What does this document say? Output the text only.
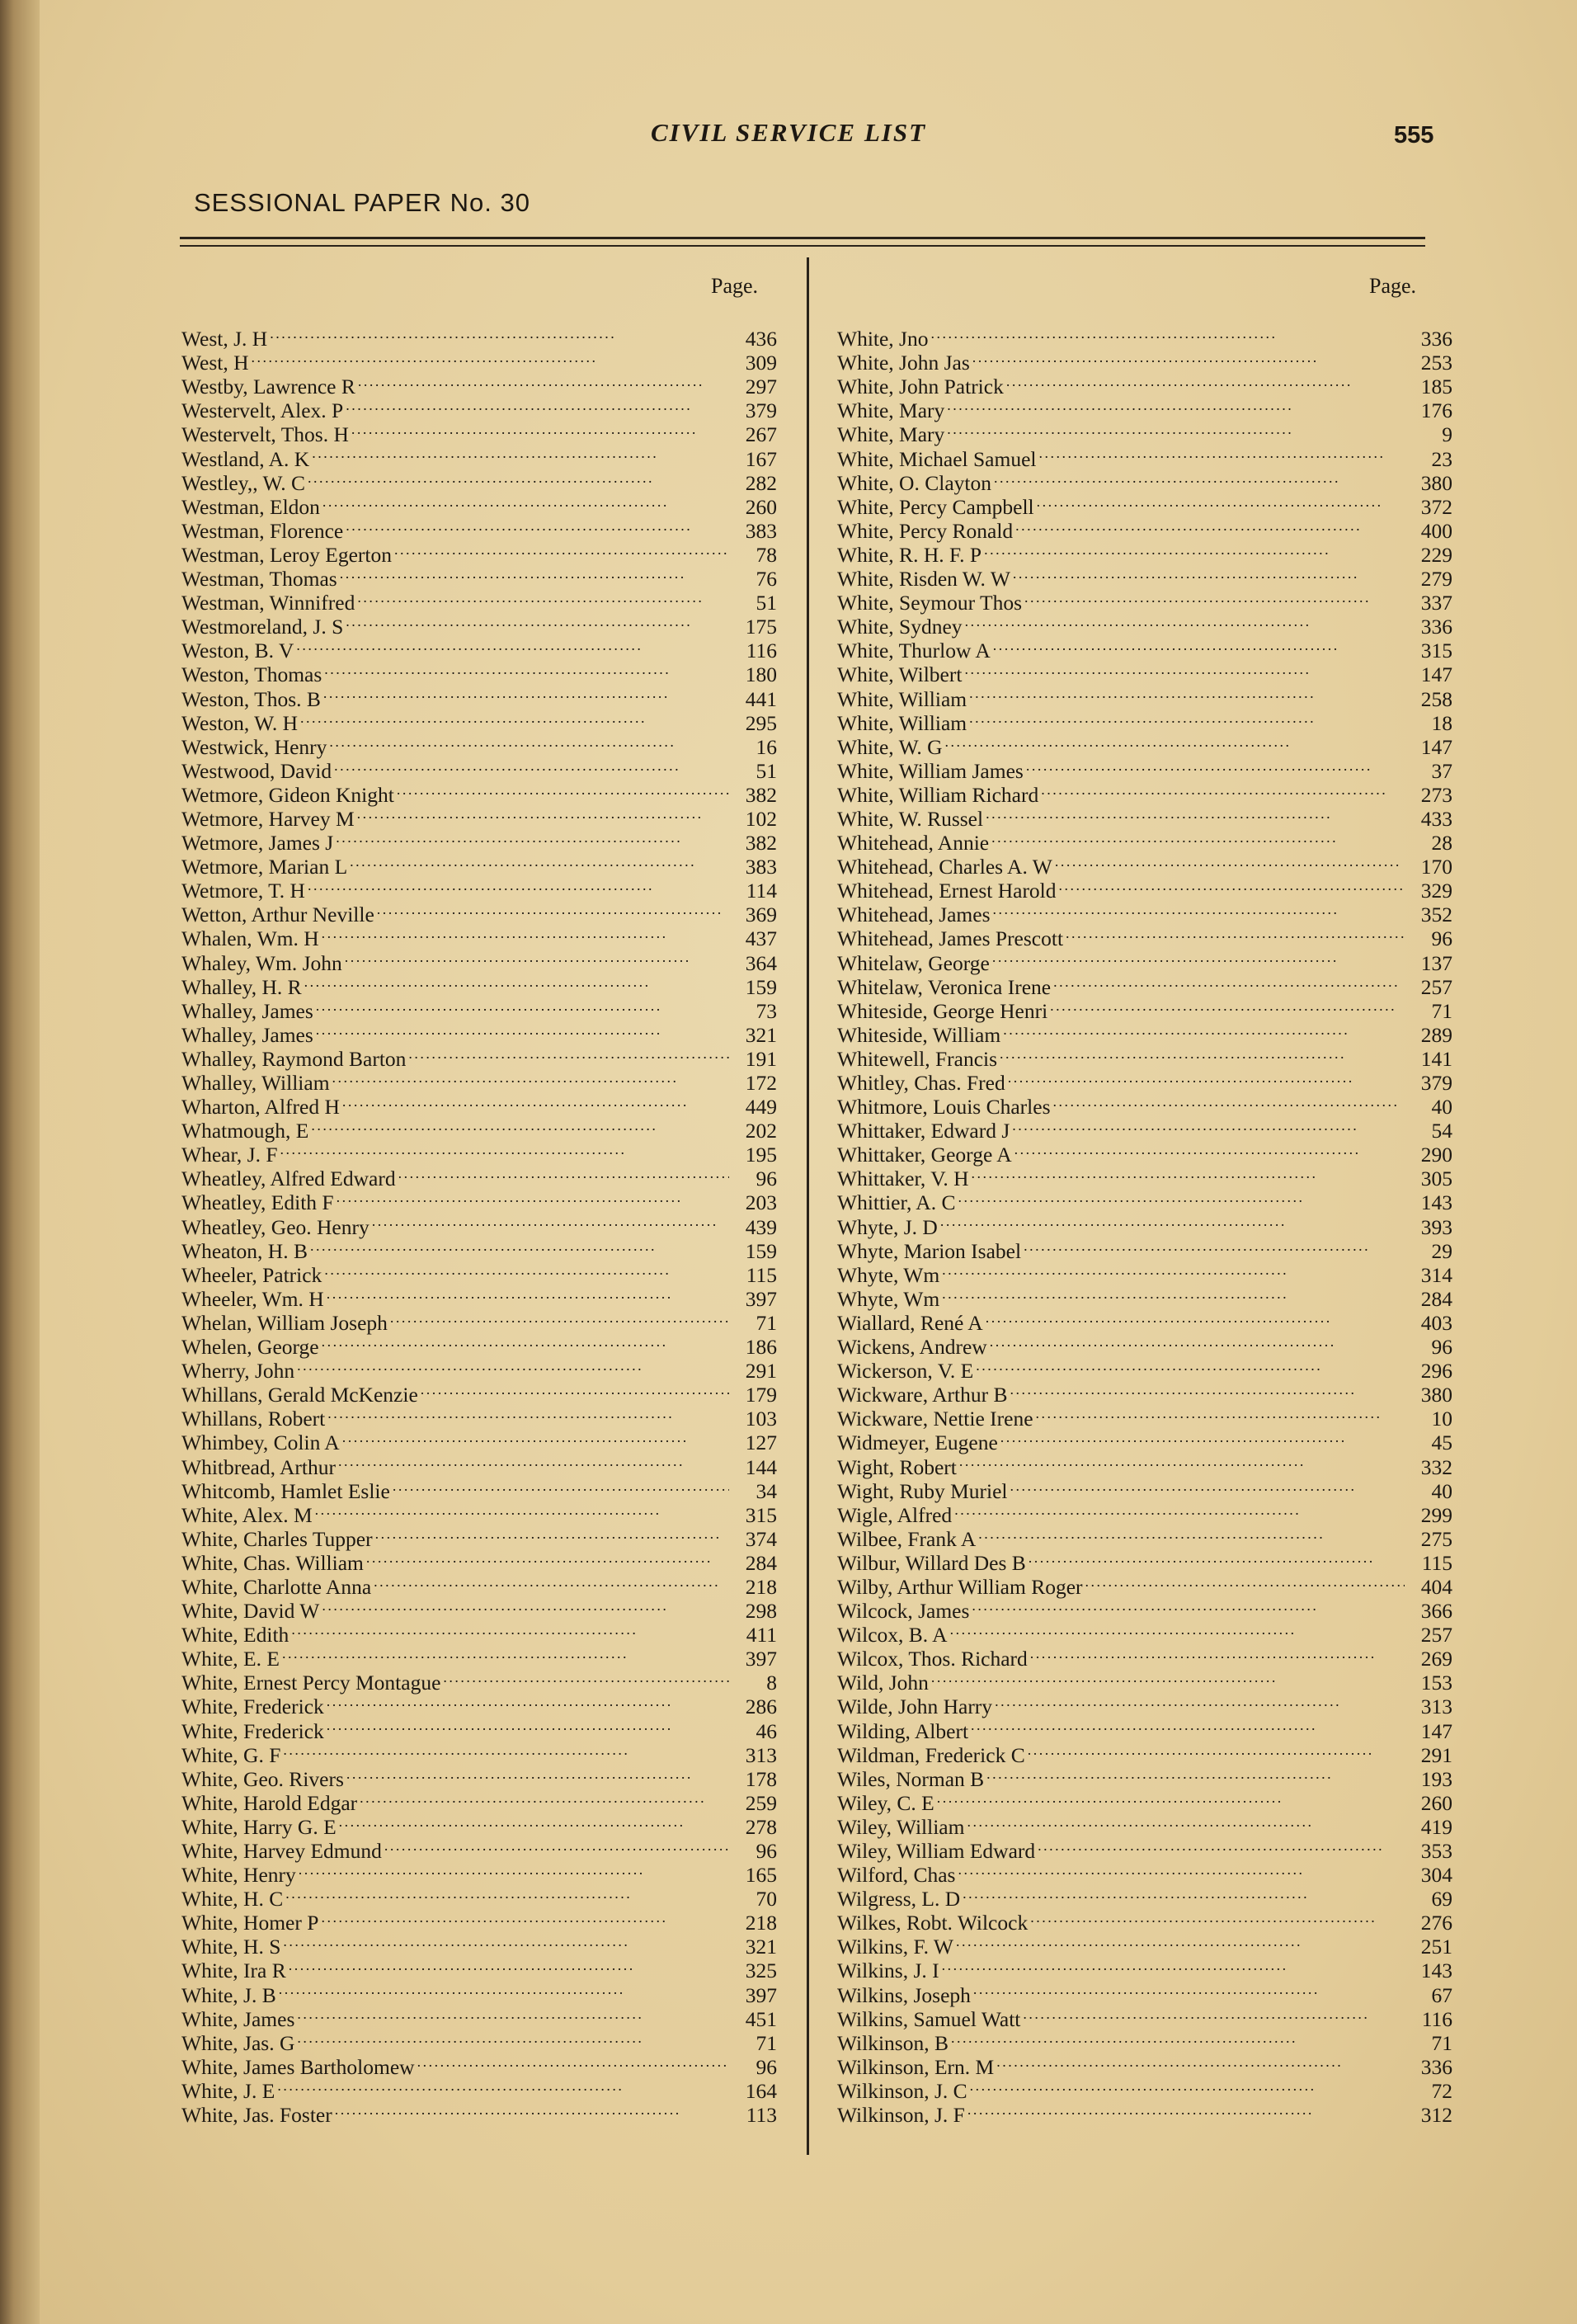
CIVIL SERVICE LIST	555
SESSIONAL PAPER No. 30
Page.	Page.
West, J. H . . .	436
West, H . . .	309
Westby, Lawrence R . . .	297
Westervelt, Alex. P . . .	379
Westervelt, Thos. H . . .	267
Westland, A. K . . .	167
Westley,, W. C . . .	282
Westman, Eldon . . .	260
Westman, Florence . . .	383
Westman, Leroy Egerton . . .	78
Westman, Thomas . . .	76
Westman, Winnifred . . .	51
Westmoreland, J. S . . .	175
Weston, B. V . . .	116
Weston, Thomas . . .	180
Weston, Thos. B . . .	441
Weston, W. H . . .	295
Westwick, Henry . . .	16
Westwood, David . . .	51
Wetmore, Gideon Knight . . .	382
Wetmore, Harvey M . . .	102
Wetmore, James J . . .	382
Wetmore, Marian L . . .	383
Wetmore, T. H . . .	114
Wetton, Arthur Neville . . .	369
Whalen, Wm. H . . .	437
Whaley, Wm. John . . .	364
Whalley, H. R . . .	159
Whalley, James . . .	73
Whalley, James . . .	321
Whalley, Raymond Barton . . .	191
Whalley, William . . .	172
Wharton, Alfred H . . .	449
Whatmough, E . . .	202
Whear, J. F . . .	195
Wheatley, Alfred Edward . . .	96
Wheatley, Edith F . . .	203
Wheatley, Geo. Henry . . .	439
Wheaton, H. B . . .	159
Wheeler, Patrick . . .	115
Wheeler, Wm. H . . .	397
Whelan, William Joseph . . .	71
Whelen, George . . .	186
Wherry, John . . .	291
Whillans, Gerald McKenzie . . .	179
Whillans, Robert . . .	103
Whimbey, Colin A . . .	127
Whitbread, Arthur . . .	144
Whitcomb, Hamlet Eslie . . .	34
White, Alex. M . . .	315
White, Charles Tupper . . .	374
White, Chas. William . . .	284
White, Charlotte Anna . . .	218
White, David W . . .	298
White, Edith . . .	411
White, E. E . . .	397
White, Ernest Percy Montague . . .	8
White, Frederick . . .	286
White, Frederick . . .	46
White, G. F . . .	313
White, Geo. Rivers . . .	178
White, Harold Edgar . . .	259
White, Harry G. E . . .	278
White, Harvey Edmund . . .	96
White, Henry . . .	165
White, H. C . . .	70
White, Homer P . . .	218
White, H. S . . .	321
White, Ira R . . .	325
White, J. B . . .	397
White, James . . .	451
White, Jas. G . . .	71
White, James Bartholomew . . .	96
White, J. E . . .	164
White, Jas. Foster . . .	113
White, Jno . . .	336
White, John Jas . . .	253
White, John Patrick . . .	185
White, Mary . . .	176
White, Mary . . .	9
White, Michael Samuel . . .	23
White, O. Clayton . . .	380
White, Percy Campbell . . .	372
White, Percy Ronald . . .	400
White, R. H. F. P . . .	229
White, Risden W. W . . .	279
White, Seymour Thos . . .	337
White, Sydney . . .	336
White, Thurlow A . . .	315
White, Wilbert . . .	147
White, William . . .	258
White, William . . .	18
White, W. G . . .	147
White, William James . . .	37
White, William Richard . . .	273
White, W. Russel . . .	433
Whitehead, Annie . . .	28
Whitehead, Charles A. W . . .	170
Whitehead, Ernest Harold . . .	329
Whitehead, James . . .	352
Whitehead, James Prescott . . .	96
Whitelaw, George . . .	137
Whitelaw, Veronica Irene . . .	257
Whiteside, George Henri . . .	71
Whiteside, William . . .	289
Whitewell, Francis . . .	141
Whitley, Chas. Fred . . .	379
Whitmore, Louis Charles . . .	40
Whittaker, Edward J . . .	54
Whittaker, George A . . .	290
Whittaker, V. H . . .	305
Whittier, A. C . . .	143
Whyte, J. D . . .	393
Whyte, Marion Isabel . . .	29
Whyte, Wm . . .	314
Whyte, Wm . . .	284
Wiallard, René A . . .	403
Wickens, Andrew . . .	96
Wickerson, V. E . . .	296
Wickware, Arthur B . . .	380
Wickware, Nettie Irene . . .	10
Widmeyer, Eugene . . .	45
Wight, Robert . . .	332
Wight, Ruby Muriel . . .	40
Wigle, Alfred . . .	299
Wilbee, Frank A . . .	275
Wilbur, Willard Des B . . .	115
Wilby, Arthur William Roger . . .	404
Wilcock, James . . .	366
Wilcox, B. A . . .	257
Wilcox, Thos. Richard . . .	269
Wild, John . . .	153
Wilde, John Harry . . .	313
Wilding, Albert . . .	147
Wildman, Frederick C . . .	291
Wiles, Norman B . . .	193
Wiley, C. E . . .	260
Wiley, William . . .	419
Wiley, William Edward . . .	353
Wilford, Chas . . .	304
Wilgress, L. D . . .	69
Wilkes, Robt. Wilcock . . .	276
Wilkins, F. W . . .	251
Wilkins, J. I . . .	143
Wilkins, Joseph . . .	67
Wilkins, Samuel Watt . . .	116
Wilkinson, B . . .	71
Wilkinson, Ern. M . . .	336
Wilkinson, J. C . . .	72
Wilkinson, J. F . . .	312
